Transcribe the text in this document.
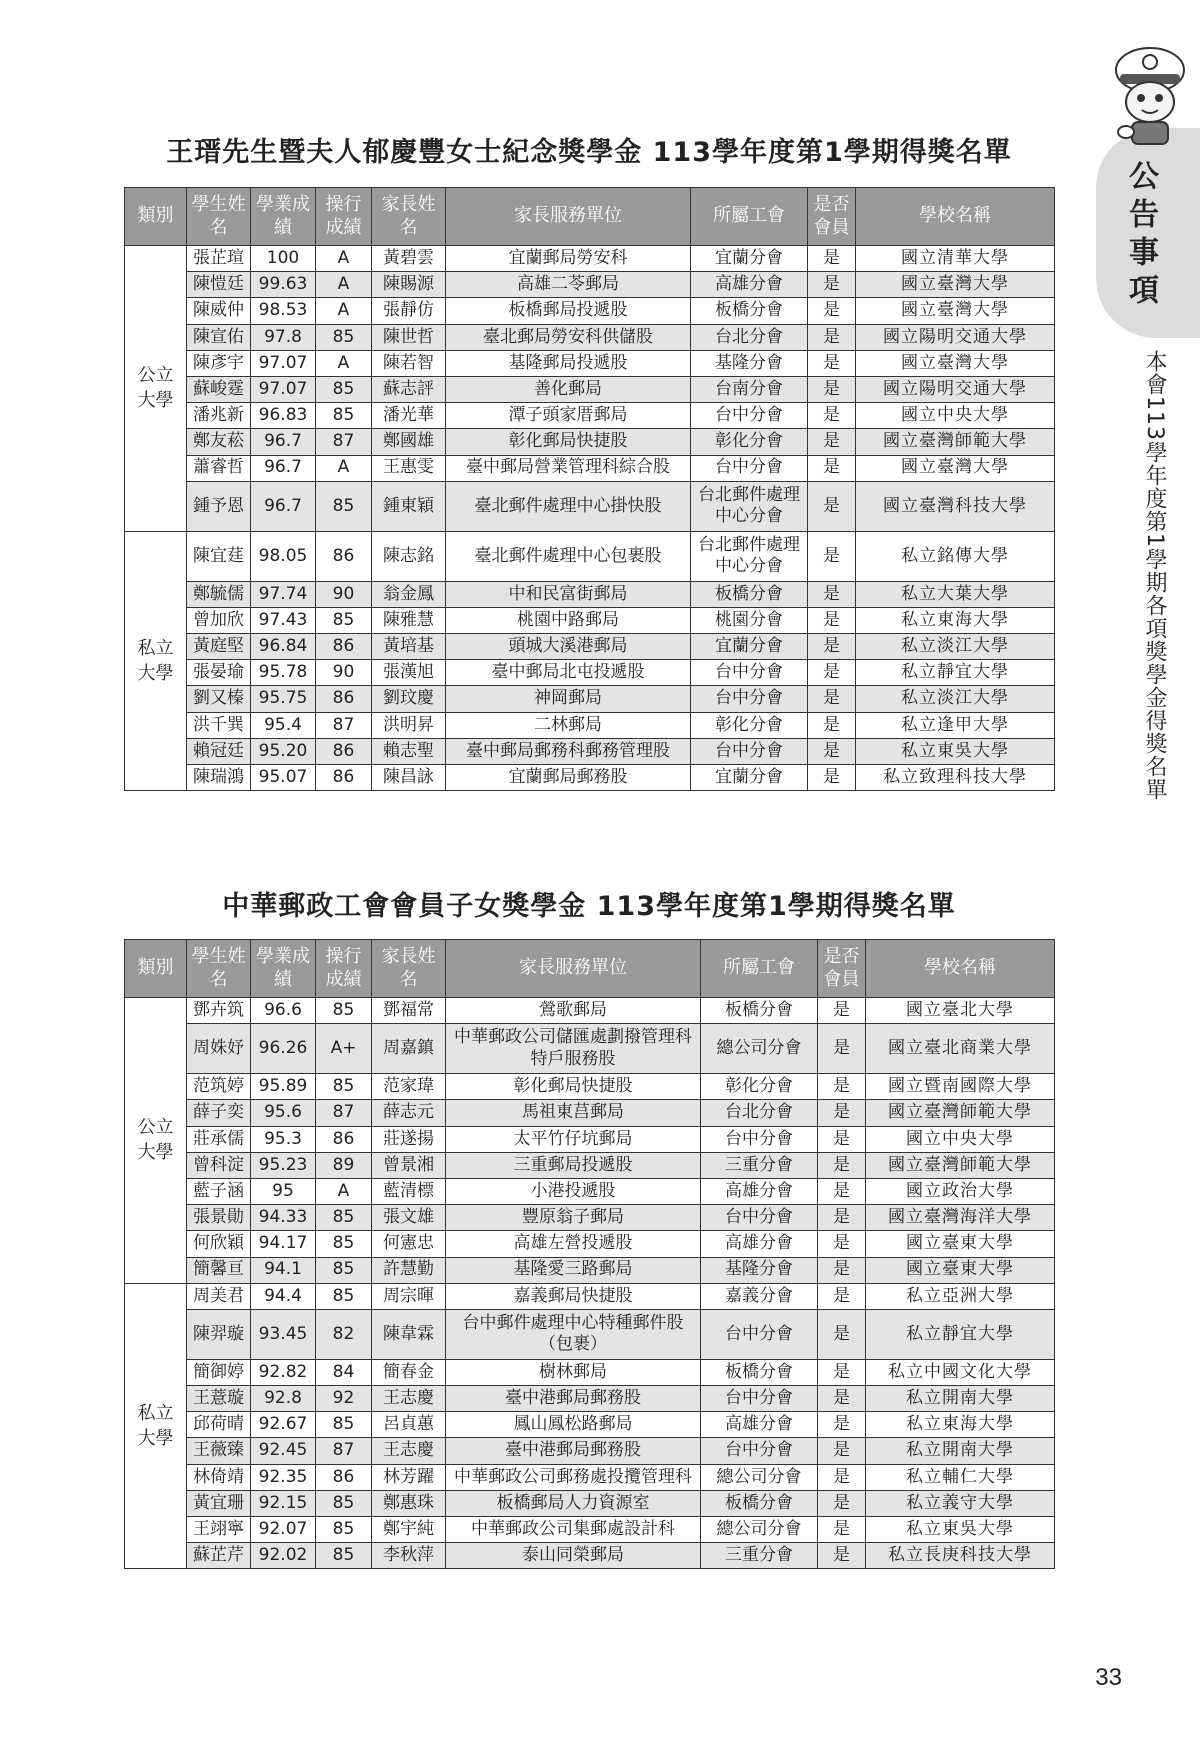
公告事項
本會113學年度第1學期各項獎學金得獎名單
王瑨先生暨夫人郁慶豐女士紀念獎學金 113學年度第1學期得獎名單
類別	學生姓名	學業成績	操行成績	家長姓名	家長服務單位	所屬工會	是否會員	學校名稱
公立大學	張芷瑄	100	A	黃碧雲	宜蘭郵局勞安科	宜蘭分會	是	國立清華大學
	陳愷廷	99.63	A	陳賜源	高雄二苓郵局	高雄分會	是	國立臺灣大學
	陳威仲	98.53	A	張靜仿	板橋郵局投遞股	板橋分會	是	國立臺灣大學
	陳宣佑	97.8	85	陳世哲	臺北郵局勞安科供儲股	台北分會	是	國立陽明交通大學
	陳彥宇	97.07	A	陳若智	基隆郵局投遞股	基隆分會	是	國立臺灣大學
	蘇峻霆	97.07	85	蘇志評	善化郵局	台南分會	是	國立陽明交通大學
	潘兆新	96.83	85	潘光華	潭子頭家厝郵局	台中分會	是	國立中央大學
	鄭友菘	96.7	87	鄭國雄	彰化郵局快捷股	彰化分會	是	國立臺灣師範大學
	蕭睿哲	96.7	A	王惠雯	臺中郵局營業管理科綜合股	台中分會	是	國立臺灣大學
	鍾予恩	96.7	85	鍾東穎	臺北郵件處理中心掛快股	台北郵件處理中心分會	是	國立臺灣科技大學
私立大學	陳宜莛	98.05	86	陳志銘	臺北郵件處理中心包裹股	台北郵件處理中心分會	是	私立銘傳大學
	鄭毓儒	97.74	90	翁金鳳	中和民富街郵局	板橋分會	是	私立大葉大學
	曾加欣	97.43	85	陳雅慧	桃園中路郵局	桃園分會	是	私立東海大學
	黃庭堅	96.84	86	黃培基	頭城大溪港郵局	宜蘭分會	是	私立淡江大學
	張晏瑜	95.78	90	張漢旭	臺中郵局北屯投遞股	台中分會	是	私立靜宜大學
	劉又榛	95.75	86	劉玟慶	神岡郵局	台中分會	是	私立淡江大學
	洪千巽	95.4	87	洪明昇	二林郵局	彰化分會	是	私立逢甲大學
	賴冠廷	95.20	86	賴志聖	臺中郵局郵務科郵務管理股	台中分會	是	私立東吳大學
	陳瑞鴻	95.07	86	陳昌詠	宜蘭郵局郵務股	宜蘭分會	是	私立致理科技大學
中華郵政工會會員子女獎學金 113學年度第1學期得獎名單
類別	學生姓名	學業成績	操行成績	家長姓名	家長服務單位	所屬工會	是否會員	學校名稱
公立大學	鄧卉筑	96.6	85	鄧福常	鶯歌郵局	板橋分會	是	國立臺北大學
	周姝妤	96.26	A+	周嘉鎮	中華郵政公司儲匯處劃撥管理科特戶服務股	總公司分會	是	國立臺北商業大學
	范筑婷	95.89	85	范家瑋	彰化郵局快捷股	彰化分會	是	國立暨南國際大學
	薛子奕	95.6	87	薛志元	馬祖東莒郵局	台北分會	是	國立臺灣師範大學
	莊承儒	95.3	86	莊遂揚	太平竹仔坑郵局	台中分會	是	國立中央大學
	曾科淀	95.23	89	曾景湘	三重郵局投遞股	三重分會	是	國立臺灣師範大學
	藍子涵	95	A	藍清標	小港投遞股	高雄分會	是	國立政治大學
	張景勛	94.33	85	張文雄	豐原翁子郵局	台中分會	是	國立臺灣海洋大學
	何欣穎	94.17	85	何憲忠	高雄左營投遞股	高雄分會	是	國立臺東大學
	簡馨亘	94.1	85	許慧勤	基隆愛三路郵局	基隆分會	是	國立臺東大學
私立大學	周美君	94.4	85	周宗暉	嘉義郵局快捷股	嘉義分會	是	私立亞洲大學
	陳羿璇	93.45	82	陳韋霖	台中郵件處理中心特種郵件股（包裹）	台中分會	是	私立靜宜大學
	簡御婷	92.82	84	簡春金	樹林郵局	板橋分會	是	私立中國文化大學
	王薏璇	92.8	92	王志慶	臺中港郵局郵務股	台中分會	是	私立開南大學
	邱荷晴	92.67	85	呂貞蕙	鳳山鳳松路郵局	高雄分會	是	私立東海大學
	王薇臻	92.45	87	王志慶	臺中港郵局郵務股	台中分會	是	私立開南大學
	林倚靖	92.35	86	林芳躍	中華郵政公司郵務處投攬管理科	總公司分會	是	私立輔仁大學
	黃宜珊	92.15	85	鄭惠珠	板橋郵局人力資源室	板橋分會	是	私立義守大學
	王翊寧	92.07	85	鄭宇純	中華郵政公司集郵處設計科	總公司分會	是	私立東吳大學
	蘇芷芹	92.02	85	李秋萍	泰山同榮郵局	三重分會	是	私立長庚科技大學
33
